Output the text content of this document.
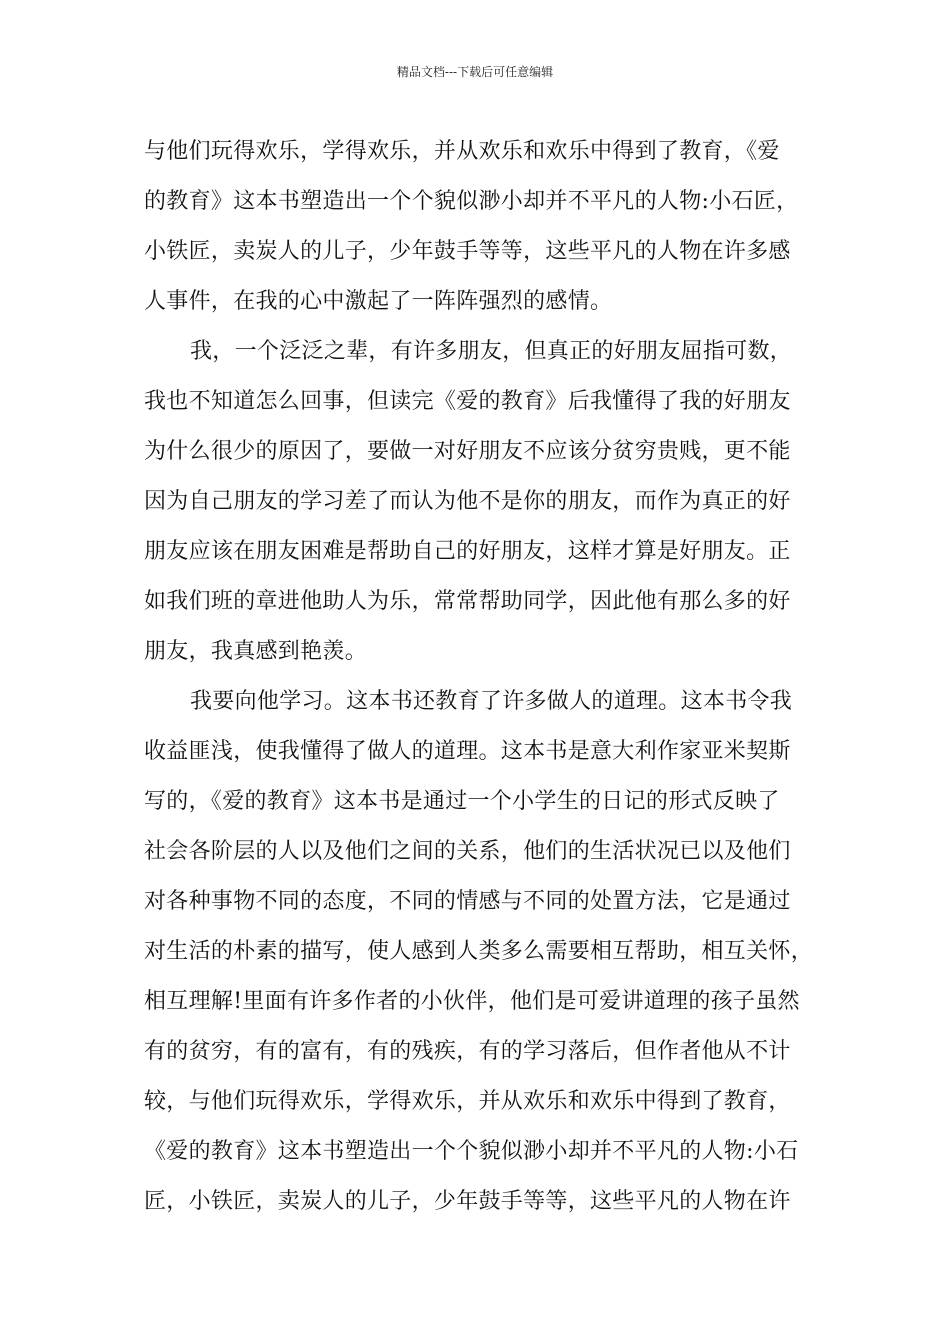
精品文档---下载后可任意编辑
与他们玩得欢乐，学得欢乐，并从欢乐和欢乐中得到了教育，《爱
的教育》这本书塑造出一个个貌似渺小却并不平凡的人物:小石匠，
小铁匠，卖炭人的儿子，少年鼓手等等，这些平凡的人物在许多感
人事件，在我的心中激起了一阵阵强烈的感情。
我，一个泛泛之辈，有许多朋友，但真正的好朋友屈指可数，
我也不知道怎么回事，但读完《爱的教育》后我懂得了我的好朋友
为什么很少的原因了，要做一对好朋友不应该分贫穷贵贱，更不能
因为自己朋友的学习差了而认为他不是你的朋友，而作为真正的好
朋友应该在朋友困难是帮助自己的好朋友，这样才算是好朋友。正
如我们班的章进他助人为乐，常常帮助同学，因此他有那么多的好
朋友，我真感到艳羡。
我要向他学习。这本书还教育了许多做人的道理。这本书令我
收益匪浅，使我懂得了做人的道理。这本书是意大利作家亚米契斯
写的，《爱的教育》这本书是通过一个小学生的日记的形式反映了
社会各阶层的人以及他们之间的关系，他们的生活状况已以及他们
对各种事物不同的态度，不同的情感与不同的处置方法，它是通过
对生活的朴素的描写，使人感到人类多么需要相互帮助，相互关怀，
相互理解!里面有许多作者的小伙伴，他们是可爱讲道理的孩子虽然
有的贫穷，有的富有，有的残疾，有的学习落后，但作者他从不计
较，与他们玩得欢乐，学得欢乐，并从欢乐和欢乐中得到了教育，
《爱的教育》这本书塑造出一个个貌似渺小却并不平凡的人物:小石
匠，小铁匠，卖炭人的儿子，少年鼓手等等，这些平凡的人物在许
